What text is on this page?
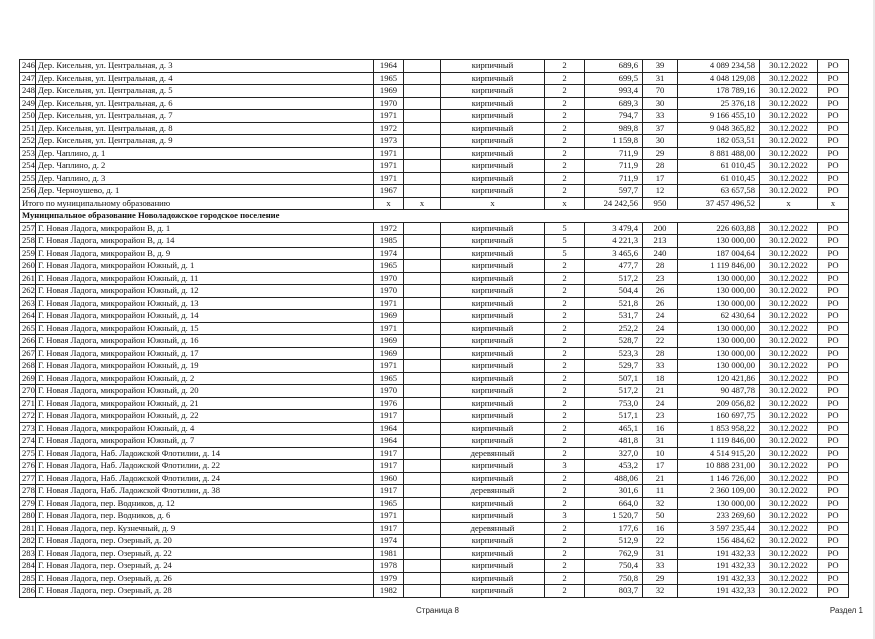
246	Дер. Кисельня, ул. Центральная, д. 3	1964		кирпичный	2	689,6	39	4 089 234,58	30.12.2022	РО
247	Дер. Кисельня, ул. Центральная, д. 4	1965		кирпичный	2	699,5	31	4 048 129,08	30.12.2022	РО
248	Дер. Кисельня, ул. Центральная, д. 5	1969		кирпичный	2	993,4	70	178 789,16	30.12.2022	РО
249	Дер. Кисельня, ул. Центральная, д. 6	1970		кирпичный	2	689,3	30	25 376,18	30.12.2022	РО
250	Дер. Кисельня, ул. Центральная, д. 7	1971		кирпичный	2	794,7	33	9 166 455,10	30.12.2022	РО
251	Дер. Кисельня, ул. Центральная, д. 8	1972		кирпичный	2	989,8	37	9 048 365,82	30.12.2022	РО
252	Дер. Кисельня, ул. Центральная, д. 9	1973		кирпичный	2	1 159,8	30	182 053,51	30.12.2022	РО
253	Дер. Чаплино, д. 1	1971		кирпичный	2	711,9	29	8 881 488,00	30.12.2022	РО
254	Дер. Чаплино, д. 2	1971		кирпичный	2	711,9	28	61 010,45	30.12.2022	РО
255	Дер. Чаплино, д. 3	1971		кирпичный	2	711,9	17	61 010,45	30.12.2022	РО
256	Дер. Чернoушево, д. 1	1967		кирпичный	2	597,7	12	63 657,58	30.12.2022	РО
Итого по муниципальному образованию		х	х	х	х	24 242,56	950	37 457 496,52	х	х
Муниципальное образование Новоладожское городское поселение										
257	Г. Новая Ладога, микрорайон В, д. 1	1972		кирпичный	5	3 479,4	200	226 603,88	30.12.2022	РО
258	Г. Новая Ладога, микрорайон В, д. 14	1985		кирпичный	5	4 221,3	213	130 000,00	30.12.2022	РО
259	Г. Новая Ладога, микрорайон В, д. 9	1974		кирпичный	5	3 465,6	240	187 004,64	30.12.2022	РО
260	Г. Новая Ладога, микрорайон Южный, д. 1	1965		кирпичный	2	477,7	28	1 119 846,00	30.12.2022	РО
261	Г. Новая Ладога, микрорайон Южный, д. 11	1970		кирпичный	2	517,2	23	130 000,00	30.12.2022	РО
262	Г. Новая Ладога, микрорайон Южный, д. 12	1970		кирпичный	2	504,4	26	130 000,00	30.12.2022	РО
263	Г. Новая Ладога, микрорайон Южный, д. 13	1971		кирпичный	2	521,8	26	130 000,00	30.12.2022	РО
264	Г. Новая Ладога, микрорайон Южный, д. 14	1969		кирпичный	2	531,7	24	62 430,64	30.12.2022	РО
265	Г. Новая Ладога, микрорайон Южный, д. 15	1971		кирпичный	2	252,2	24	130 000,00	30.12.2022	РО
266	Г. Новая Ладога, микрорайон Южный, д. 16	1969		кирпичный	2	528,7	22	130 000,00	30.12.2022	РО
267	Г. Новая Ладога, микрорайон Южный, д. 17	1969		кирпичный	2	523,3	28	130 000,00	30.12.2022	РО
268	Г. Новая Ладога, микрорайон Южный, д. 19	1971		кирпичный	2	529,7	33	130 000,00	30.12.2022	РО
269	Г. Новая Ладога, микрорайон Южный, д. 2	1965		кирпичный	2	507,1	18	120 421,86	30.12.2022	РО
270	Г. Новая Ладога, микрорайон Южный, д. 20	1970		кирпичный	2	517,2	21	90 487,78	30.12.2022	РО
271	Г. Новая Ладога, микрорайон Южный, д. 21	1976		кирпичный	2	753,0	24	209 056,82	30.12.2022	РО
272	Г. Новая Ладога, микрорайон Южный, д. 22	1917		кирпичный	2	517,1	23	160 697,75	30.12.2022	РО
273	Г. Новая Ладога, микрорайон Южный, д. 4	1964		кирпичный	2	465,1	16	1 853 958,22	30.12.2022	РО
274	Г. Новая Ладога, микрорайон Южный, д. 7	1964		кирпичный	2	481,8	31	1 119 846,00	30.12.2022	РО
275	Г. Новая Ладога, Наб. Ладожской Флотилии, д. 14	1917		деревянный	2	327,0	10	4 514 915,20	30.12.2022	РО
276	Г. Новая Ладога, Наб. Ладожской Флотилии, д. 22	1917		кирпичный	3	453,2	17	10 888 231,00	30.12.2022	РО
277	Г. Новая Ладога, Наб. Ладожской Флотилии, д. 24	1960		кирпичный	2	488,06	21	1 146 726,00	30.12.2022	РО
278	Г. Новая Ладога, Наб. Ладожской Флотилии, д. 38	1917		деревянный	2	301,6	11	2 360 109,00	30.12.2022	РО
279	Г. Новая Ладога, пер. Водников, д. 12	1965		кирпичный	2	664,0	32	130 000,00	30.12.2022	РО
280	Г. Новая Ладога, пер. Водников, д. 6	1971		кирпичный	3	1 520,7	50	233 269,60	30.12.2022	РО
281	Г. Новая Ладога, пер. Кузнечный, д. 9	1917		деревянный	2	177,6	16	3 597 235,44	30.12.2022	РО
282	Г. Новая Ладога, пер. Озерный, д. 20	1974		кирпичный	2	512,9	22	156 484,62	30.12.2022	РО
283	Г. Новая Ладога, пер. Озерный, д. 22	1981		кирпичный	2	762,9	31	191 432,33	30.12.2022	РО
284	Г. Новая Ладога, пер. Озерный, д. 24	1978		кирпичный	2	750,4	33	191 432,33	30.12.2022	РО
285	Г. Новая Ладога, пер. Озерный, д. 26	1979		кирпичный	2	750,8	29	191 432,33	30.12.2022	РО
286	Г. Новая Ладога, пер. Озерный, д. 28	1982		кирпичный	2	803,7	32	191 432,33	30.12.2022	РО
Страница 8	Раздел 1
